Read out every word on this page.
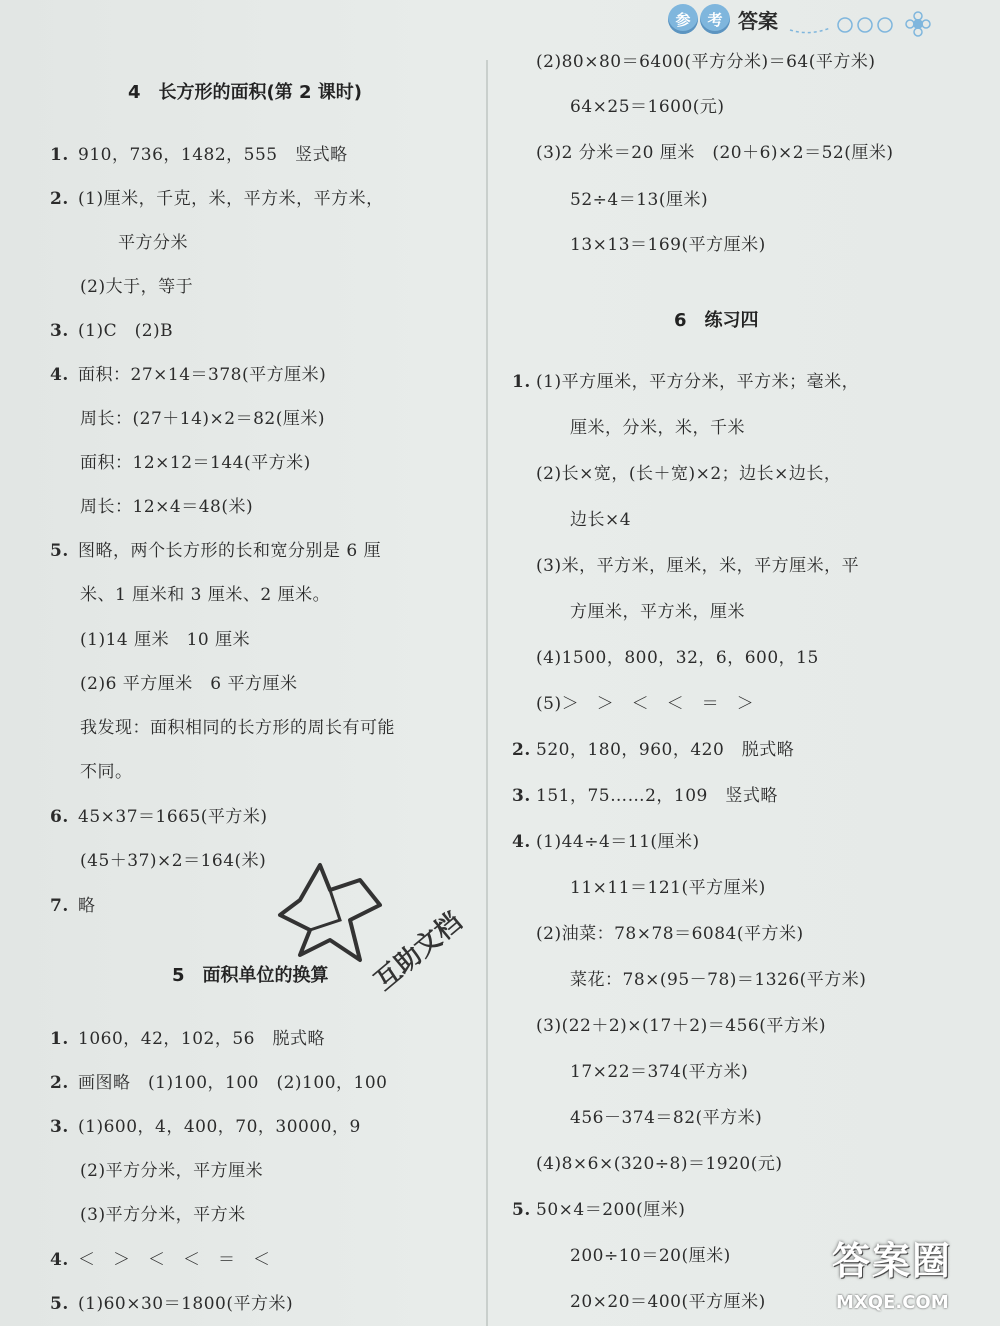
参	考 答案
4　长方形的面积(第 2 课时)
1. 910，736，1482，555　竖式略
2. (1)厘米，千克，米，平方米，平方米，
平方分米
(2)大于，等于
3. (1)C　(2)B
4. 面积：27×14＝378(平方厘米)
周长：(27＋14)×2＝82(厘米)
面积：12×12＝144(平方米)
周长：12×4＝48(米)
5. 图略，两个长方形的长和宽分别是 6 厘
米、1 厘米和 3 厘米、2 厘米。
(1)14 厘米　10 厘米
(2)6 平方厘米　6 平方厘米
我发现：面积相同的长方形的周长有可能
不同。
6. 45×37＝1665(平方米)
(45＋37)×2＝164(米)
7. 略
5　面积单位的换算
1. 1060，42，102，56　脱式略
2. 画图略　(1)100，100　(2)100，100
3. (1)600，4，400，70，30000，9
(2)平方分米，平方厘米
(3)平方分米，平方米
4. ＜　＞　＜　＜　＝　＜
5. (1)60×30＝1800(平方米)
(2)80×80＝6400(平方分米)＝64(平方米)
64×25＝1600(元)
(3)2 分米＝20 厘米　(20＋6)×2＝52(厘米)
52÷4＝13(厘米)
13×13＝169(平方厘米)
6　练习四
1. (1)平方厘米，平方分米，平方米；毫米，
厘米，分米，米，千米
(2)长×宽，(长＋宽)×2；边长×边长，
边长×4
(3)米，平方米，厘米，米，平方厘米，平
方厘米，平方米，厘米
(4)1500，800，32，6，600，15
(5)＞　＞　＜　＜　＝　＞
2. 520，180，960，420　脱式略
3. 151，75……2，109　竖式略
4. (1)44÷4＝11(厘米)
11×11＝121(平方厘米)
(2)油菜：78×78＝6084(平方米)
菜花：78×(95－78)＝1326(平方米)
(3)(22＋2)×(17＋2)＝456(平方米)
17×22＝374(平方米)
456－374＝82(平方米)
(4)8×6×(320÷8)＝1920(元)
5. 50×4＝200(厘米)
200÷10＝20(厘米)
20×20＝400(平方厘米)
互助文档
答案圈
MXQE.COM
